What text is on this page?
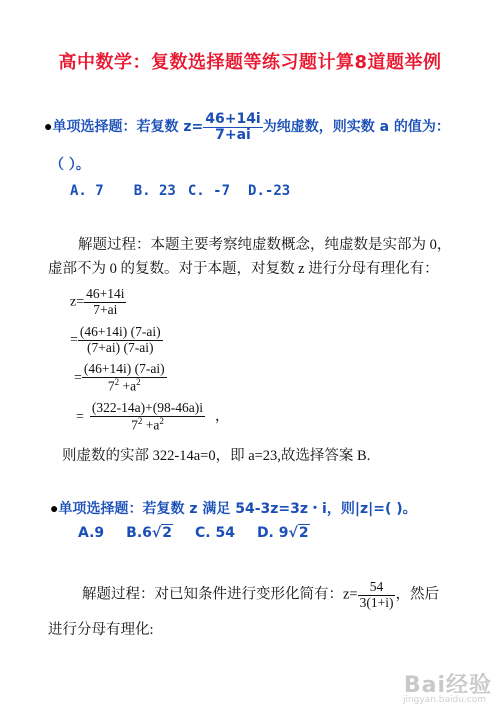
高中数学：复数选择题等练习题计算8道题举例
●单项选择题：若复数 $z= \frac{46+14i}{7+ai}$ 为纯虚数，则实数 a 的值为：
（ ）。
A. 7 B. 23 C. -7 D.-23
解题过程：本题主要考察纯虚数概念，纯虚数是实部为 0，
虚部不为 0 的复数。对于本题，对复数 z 进行分母有理化有：
$z= \frac{46+14i}{7+ai}$
= $\frac{(46+14i) (7-ai)}{(7+ai) (7-ai)}$
= $\frac{(46+14i) (7-ai)}{7^2 +a^2}$
= $\frac{(322-14a)+(98-46a)i}{7^2 +a^2}$ ，
则虚数的实部 322-14a=0，即 a=23,故选择答案 B.
●单项选择题：若复数 z 满足 54-3z=3z・i，则|z|=( )。
A.9 B.6√2 C. 54 D. 9√2
解题过程：对已知条件进行变形化简有：$z= \frac{54}{3(1+i)}$ ，然后
进行分母有理化:
Bai经验
jingyan.baidu.com
